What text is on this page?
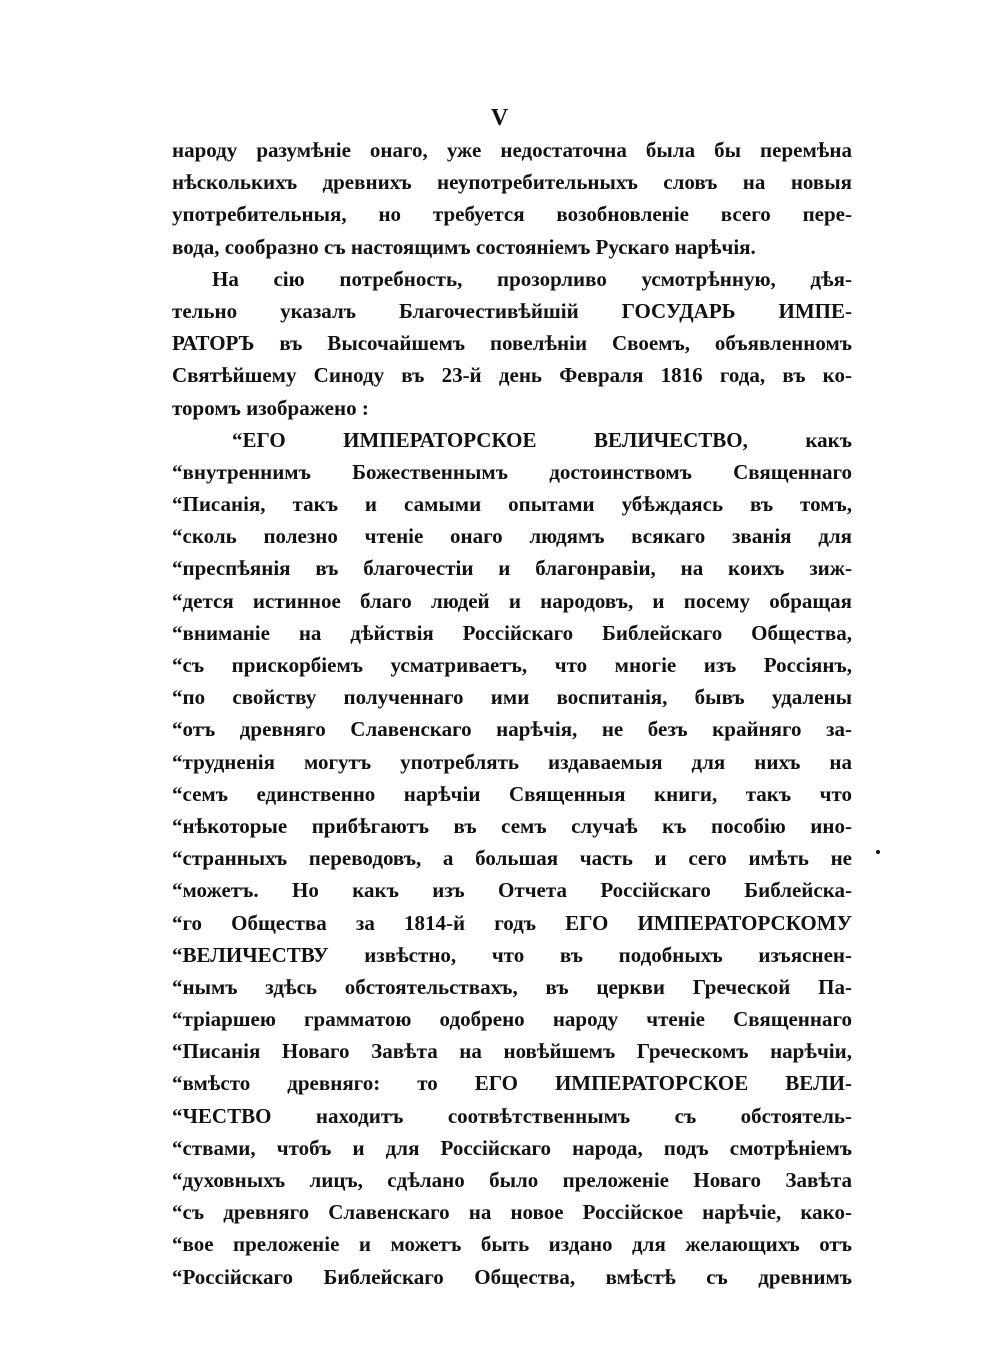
V
народу разумѣніе онаго, уже недостаточна была бы перемѣна
нѣсколькихъ древнихъ неупотребительныхъ словъ на новыя
употребительныя, но требуется возобновленіе всего перe-
вода, сообразно съ настоящимъ состояніемъ Рускаго нарѣчія.
На сію потребность, прозорливо усмотрѣнную, дѣя-
тельно указалъ Благочестивѣйшій ГОСУДАРЬ ИМПЕ-
РАТОРЪ въ Высочайшемъ повелѣніи Своемъ, объявленномъ
Святѣйшему Синоду въ 23-й день Февраля 1816 года, въ ко-
торомъ изображено :
“ЕГО ИМПЕРАТОРСКОЕ ВЕЛИЧЕСТВО, какъ
“внутреннимъ Божественнымъ достоинствомъ Священнаго
“Писанія, такъ и самыми опытами убѣждаясь въ томъ,
“сколь полезно чтеніе онаго людямъ всякаго званія для
“преспѣянія въ благочестіи и благонравіи, на коихъ зиж-
“дется истинное благо людей и народовъ, и посему обращая
“вниманіе на дѣйствія Россійскаго Библейскаго Общества,
“съ прискорбіемъ усматриваетъ, что многіе изъ Россіянъ,
“по свойству полученнаго ими воспитанія, бывъ удалены
“отъ древняго Славенскаго нарѣчія, не безъ крайняго за-
“трудненія могутъ употреблять издаваемыя для нихъ на
“семъ единственно нарѣчіи Священныя книги, такъ что
“нѣкоторые прибѣгаютъ въ семъ случаѣ къ пособію ино-
“странныхъ переводовъ, а большая часть и сего имѣть не
“можетъ. Но какъ изъ Отчета Россійскаго Библейска-
“го Общества за 1814-й годъ ЕГО ИМПЕРАТОРСКОМУ
“ВЕЛИЧЕСТВУ извѣстно, что въ подобныхъ изъяснен-
“нымъ здѣсь обстоятельствахъ, въ церкви Греческой Па-
“тріаршею граммaтою одобрено народу чтеніе Священнаго
“Писанія Новаго Завѣта на новѣйшемъ Греческомъ нарѣчіи,
“вмѣсто древняго: то ЕГО ИМПЕРАТОРСКОЕ ВЕЛИ-
“ЧЕСТВО находитъ соотвѣтственнымъ съ обстоятель-
“ствами, чтобъ и для Россійскаго народа, подъ смотрѣніемъ
“духовныхъ лицъ, сдѣлано было преложеніе Новаго Завѣта
“съ древняго Славенскаго на новое Россійское нарѣчіе, како-
“вое преложеніе и можетъ быть издано для желающихъ отъ
“Россійскаго Библейскаго Общества, вмѣстѣ съ древнимъ
